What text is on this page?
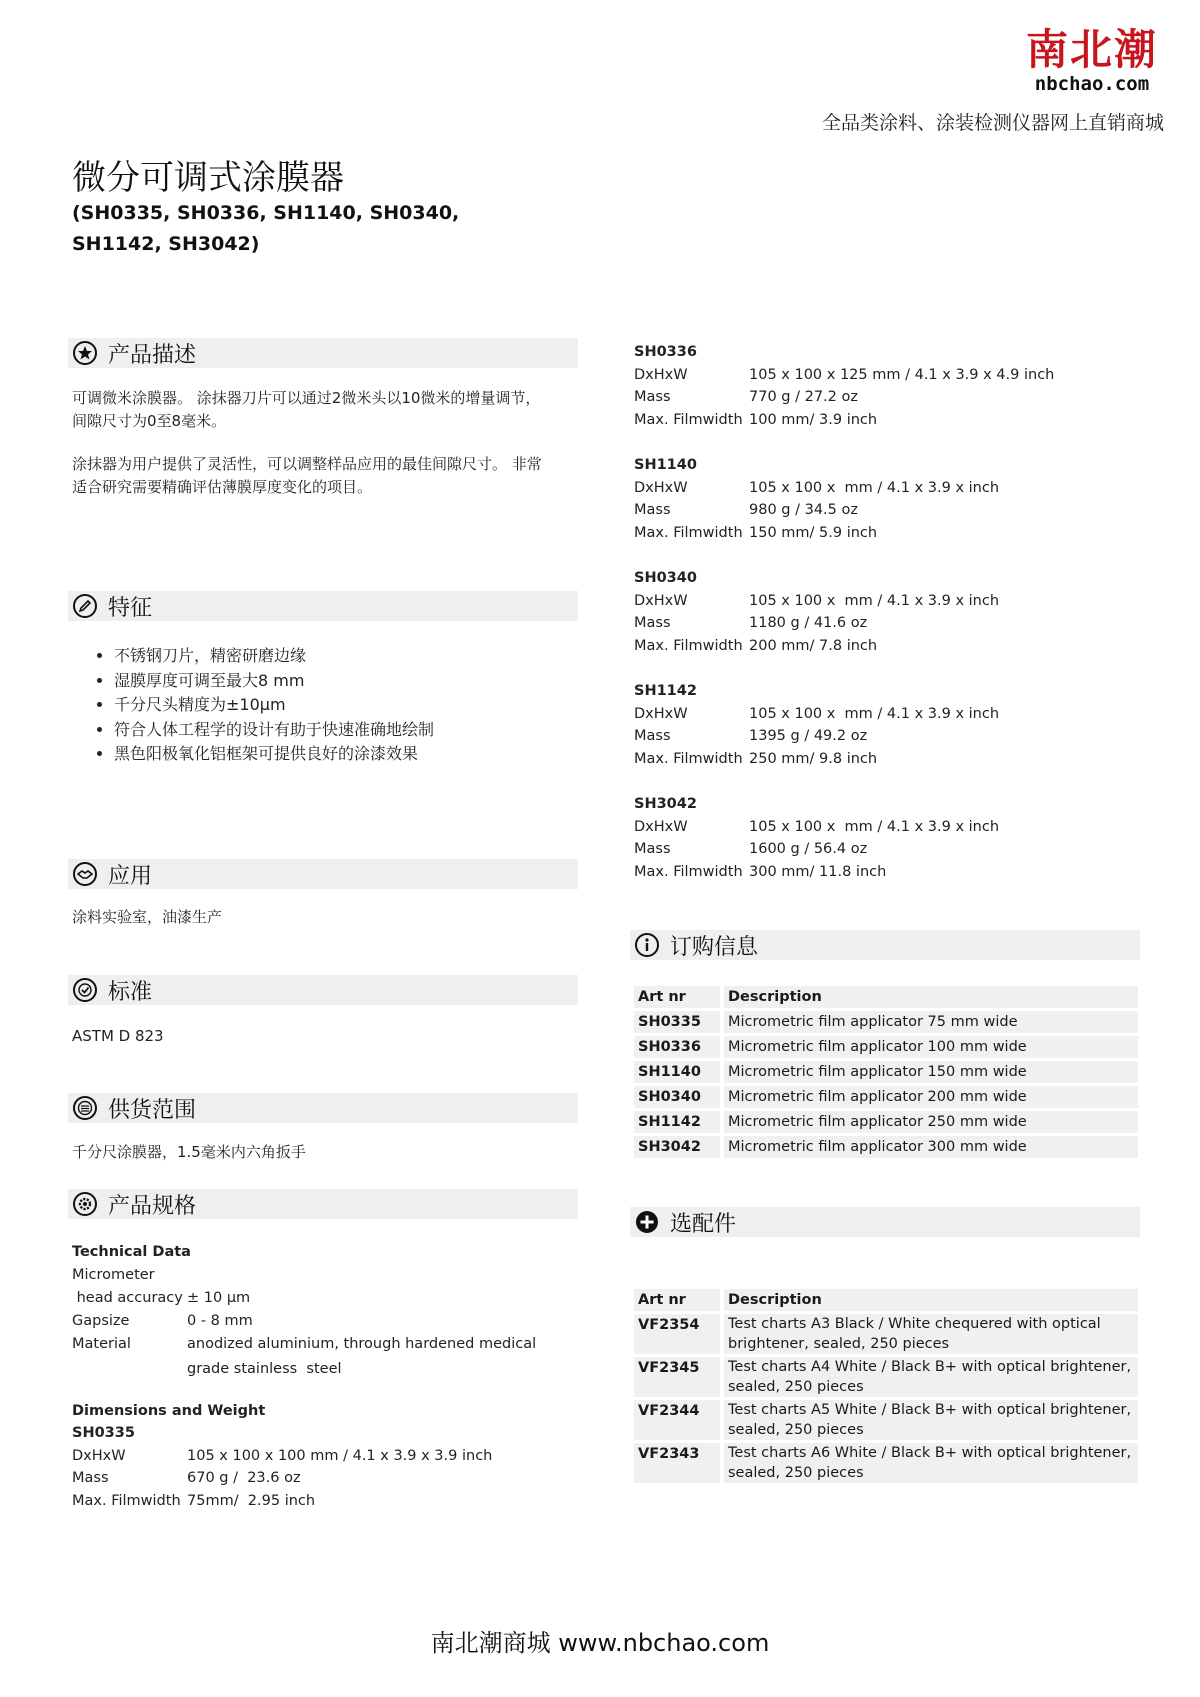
南北潮
nbchao.com
全品类涂料、涂装检测仪器网上直销商城
微分可调式涂膜器
(SH0335, SH0336, SH1140, SH0340, SH1142, SH3042)
产品描述
可调微米涂膜器。 涂抹器刀片可以通过2微米头以10微米的增量调节，间隙尺寸为0至8毫米。
涂抹器为用户提供了灵活性，可以调整样品应用的最佳间隙尺寸。 非常适合研究需要精确评估薄膜厚度变化的项目。
特征
• 不锈钢刀片，精密研磨边缘
• 湿膜厚度可调至最大8 mm
• 千分尺头精度为±10μm
• 符合人体工程学的设计有助于快速准确地绘制
• 黑色阳极氧化铝框架可提供良好的涂漆效果
应用
涂料实验室，油漆生产
标准
ASTM D 823
供货范围
千分尺涂膜器，1.5毫米内六角扳手
产品规格
Technical Data
Micrometer
head accuracy ± 10 µm
Gapsize	0 - 8 mm
Material	anodized aluminium, through hardened medical
grade stainless  steel
Dimensions and Weight
SH0335
DxHxW	105 x 100 x 100 mm / 4.1 x 3.9 x 3.9 inch
Mass	670 g /  23.6 oz
Max. Filmwidth 75mm/  2.95 inch
SH0336
DxHxW	105 x 100 x 125 mm / 4.1 x 3.9 x 4.9 inch
Mass	770 g / 27.2 oz
Max. Filmwidth 100 mm/ 3.9 inch
SH1140
DxHxW	105 x 100 x  mm / 4.1 x 3.9 x inch
Mass	980 g / 34.5 oz
Max. Filmwidth 150 mm/ 5.9 inch
SH0340
DxHxW	105 x 100 x  mm / 4.1 x 3.9 x inch
Mass	1180 g / 41.6 oz
Max. Filmwidth 200 mm/ 7.8 inch
SH1142
DxHxW	105 x 100 x  mm / 4.1 x 3.9 x inch
Mass	1395 g / 49.2 oz
Max. Filmwidth 250 mm/ 9.8 inch
SH3042
DxHxW	105 x 100 x  mm / 4.1 x 3.9 x inch
Mass	1600 g / 56.4 oz
Max. Filmwidth 300 mm/ 11.8 inch
订购信息
Art nr	Description
SH0335	Micrometric film applicator 75 mm wide
SH0336	Micrometric film applicator 100 mm wide
SH1140	Micrometric film applicator 150 mm wide
SH0340	Micrometric film applicator 200 mm wide
SH1142	Micrometric film applicator 250 mm wide
SH3042	Micrometric film applicator 300 mm wide
选配件
Art nr	Description
VF2354	Test charts A3 Black / White chequered with optical
brightener, sealed, 250 pieces
VF2345	Test charts A4 White / Black B+ with optical brightener,
sealed, 250 pieces
VF2344	Test charts A5 White / Black B+ with optical brightener,
sealed, 250 pieces
VF2343	Test charts A6 White / Black B+ with optical brightener,
sealed, 250 pieces
南北潮商城 www.nbchao.com
